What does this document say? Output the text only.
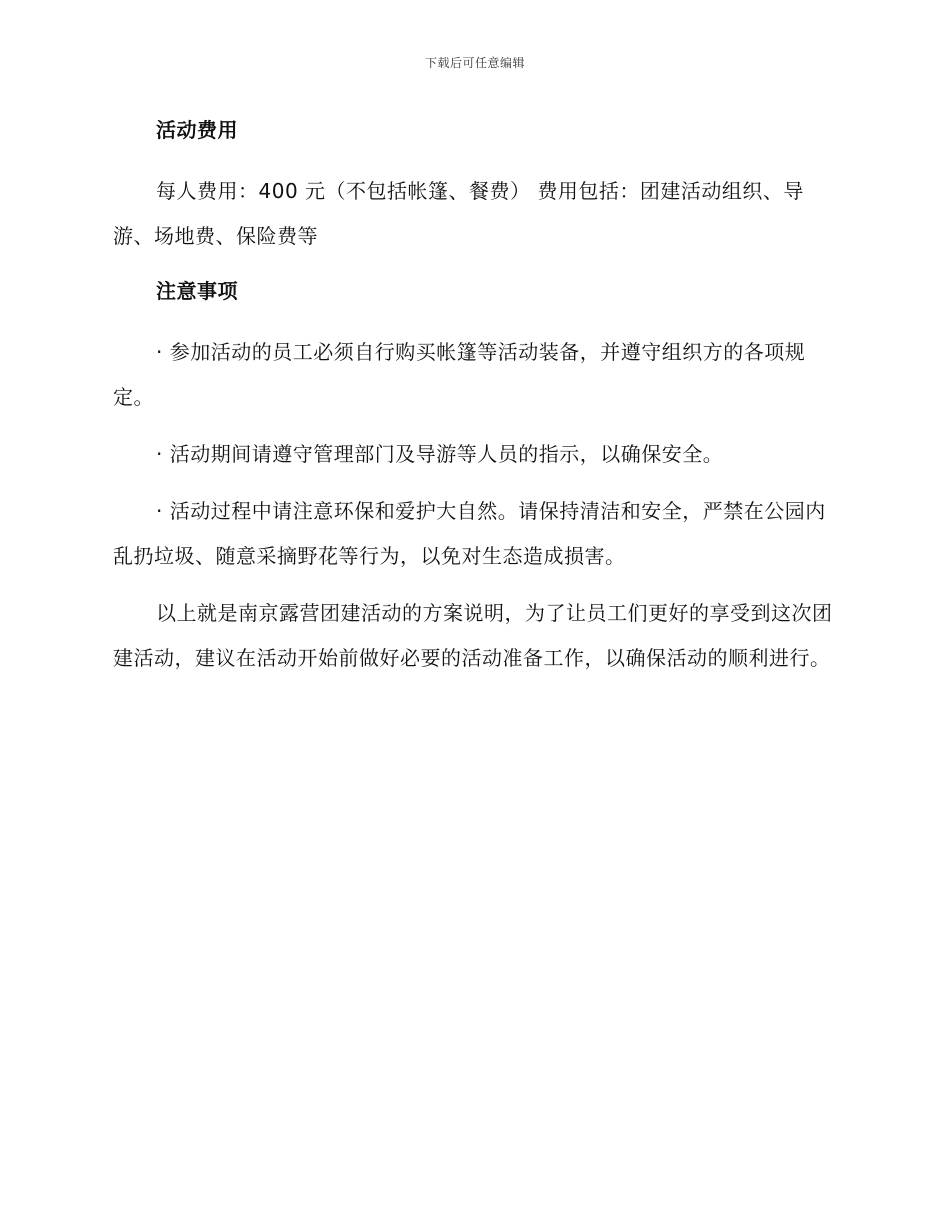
下载后可任意编辑
活动费用

每人费用：400 元（不包括帐篷、餐费） 费用包括：团建活动组织、导游、场地费、保险费等

注意事项

· 参加活动的员工必须自行购买帐篷等活动装备，并遵守组织方的各项规定。

· 活动期间请遵守管理部门及导游等人员的指示，以确保安全。

· 活动过程中请注意环保和爱护大自然。请保持清洁和安全，严禁在公园内乱扔垃圾、随意采摘野花等行为，以免对生态造成损害。

以上就是南京露营团建活动的方案说明，为了让员工们更好的享受到这次团建活动，建议在活动开始前做好必要的活动准备工作，以确保活动的顺利进行。
